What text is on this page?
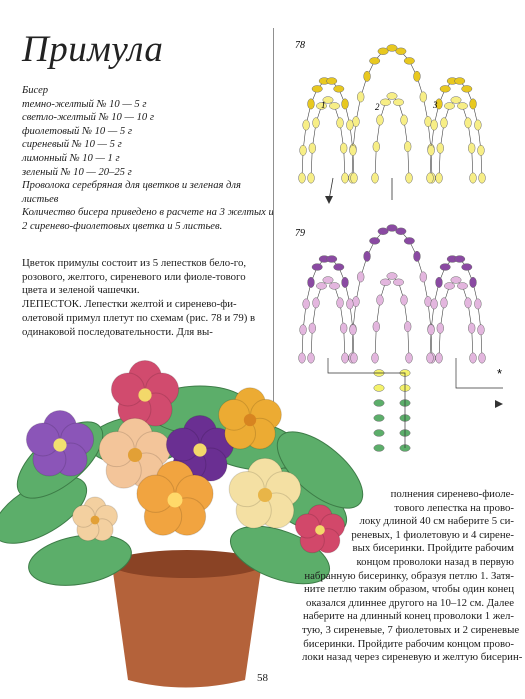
Примула
Бисер
темно-желтый № 10 — 5 г
светло-желтый № 10 — 10 г
фиолетовый № 10 — 5 г
сиреневый № 10 — 5 г
лимонный № 10 — 1 г
зеленый № 10 — 20–25 г
Проволока серебряная для цветков и зеленая для листьев
Количество бисера приведено в расчете на 3 желтых и 2 сиренево-фиолетовых цветка и 5 листьев.

Цветок примулы состоит из 5 лепестков бело-го, розового, желтого, сиреневого или фиоле-тового цвета и зеленой чашечки.

ЛЕПЕСТОК. Лепестки желтой и сиренево-фи-олетовой примул плетут по схемам (рис. 78 и 79) в одинаковой последовательности. Для вы-

78
1	2	3
79
*
полнения сиренево-фиоле-
тового лепестка на прово-
локу длиной 40 см наберите 5 си-
реневых, 1 фиолетовую и 4 сирене-
вых бисеринки. Пройдите рабочим
концом проволоки назад в первую
набранную бисеринку, образуя петлю 1. Затя-
ните петлю таким образом, чтобы один конец
оказался длиннее другого на 10–12 см. Далее
наберите на длинный конец проволоки 1 жел-
тую, 3 сиреневые, 7 фиолетовых и 2 сиреневые
бисеринки. Пройдите рабочим концом прово-
локи назад через сиреневую и желтую бисерин-
58
